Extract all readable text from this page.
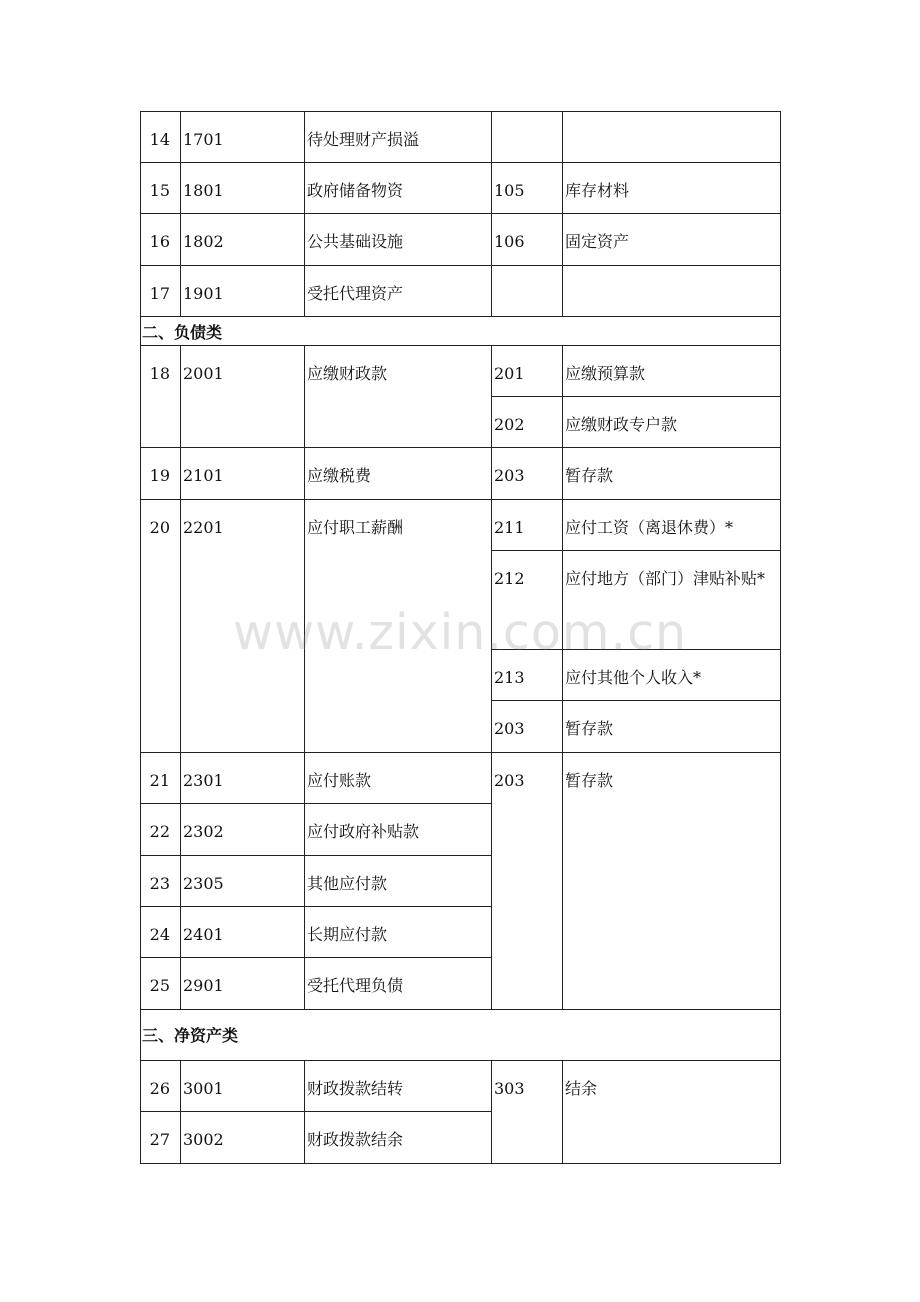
14	1701	待处理财产损溢		
15	1801	政府储备物资	105	库存材料
16	1802	公共基础设施	106	固定资产
17	1901	受托代理资产		
二、负债类				
18	2001	应缴财政款	201	应缴预算款
			202	应缴财政专户款
19	2101	应缴税费	203	暂存款
20	2201	应付职工薪酬	211	应付工资（离退休费）*
			212	应付地方（部门）津贴补贴*
			213	应付其他个人收入*
			203	暂存款
21	2301	应付账款	203	暂存款
22	2302	应付政府补贴款		
23	2305	其他应付款		
24	2401	长期应付款		
25	2901	受托代理负债		
三、净资产类				
26	3001	财政拨款结转	303	结余
27	3002	财政拨款结余		
www.zixin.com.cn
